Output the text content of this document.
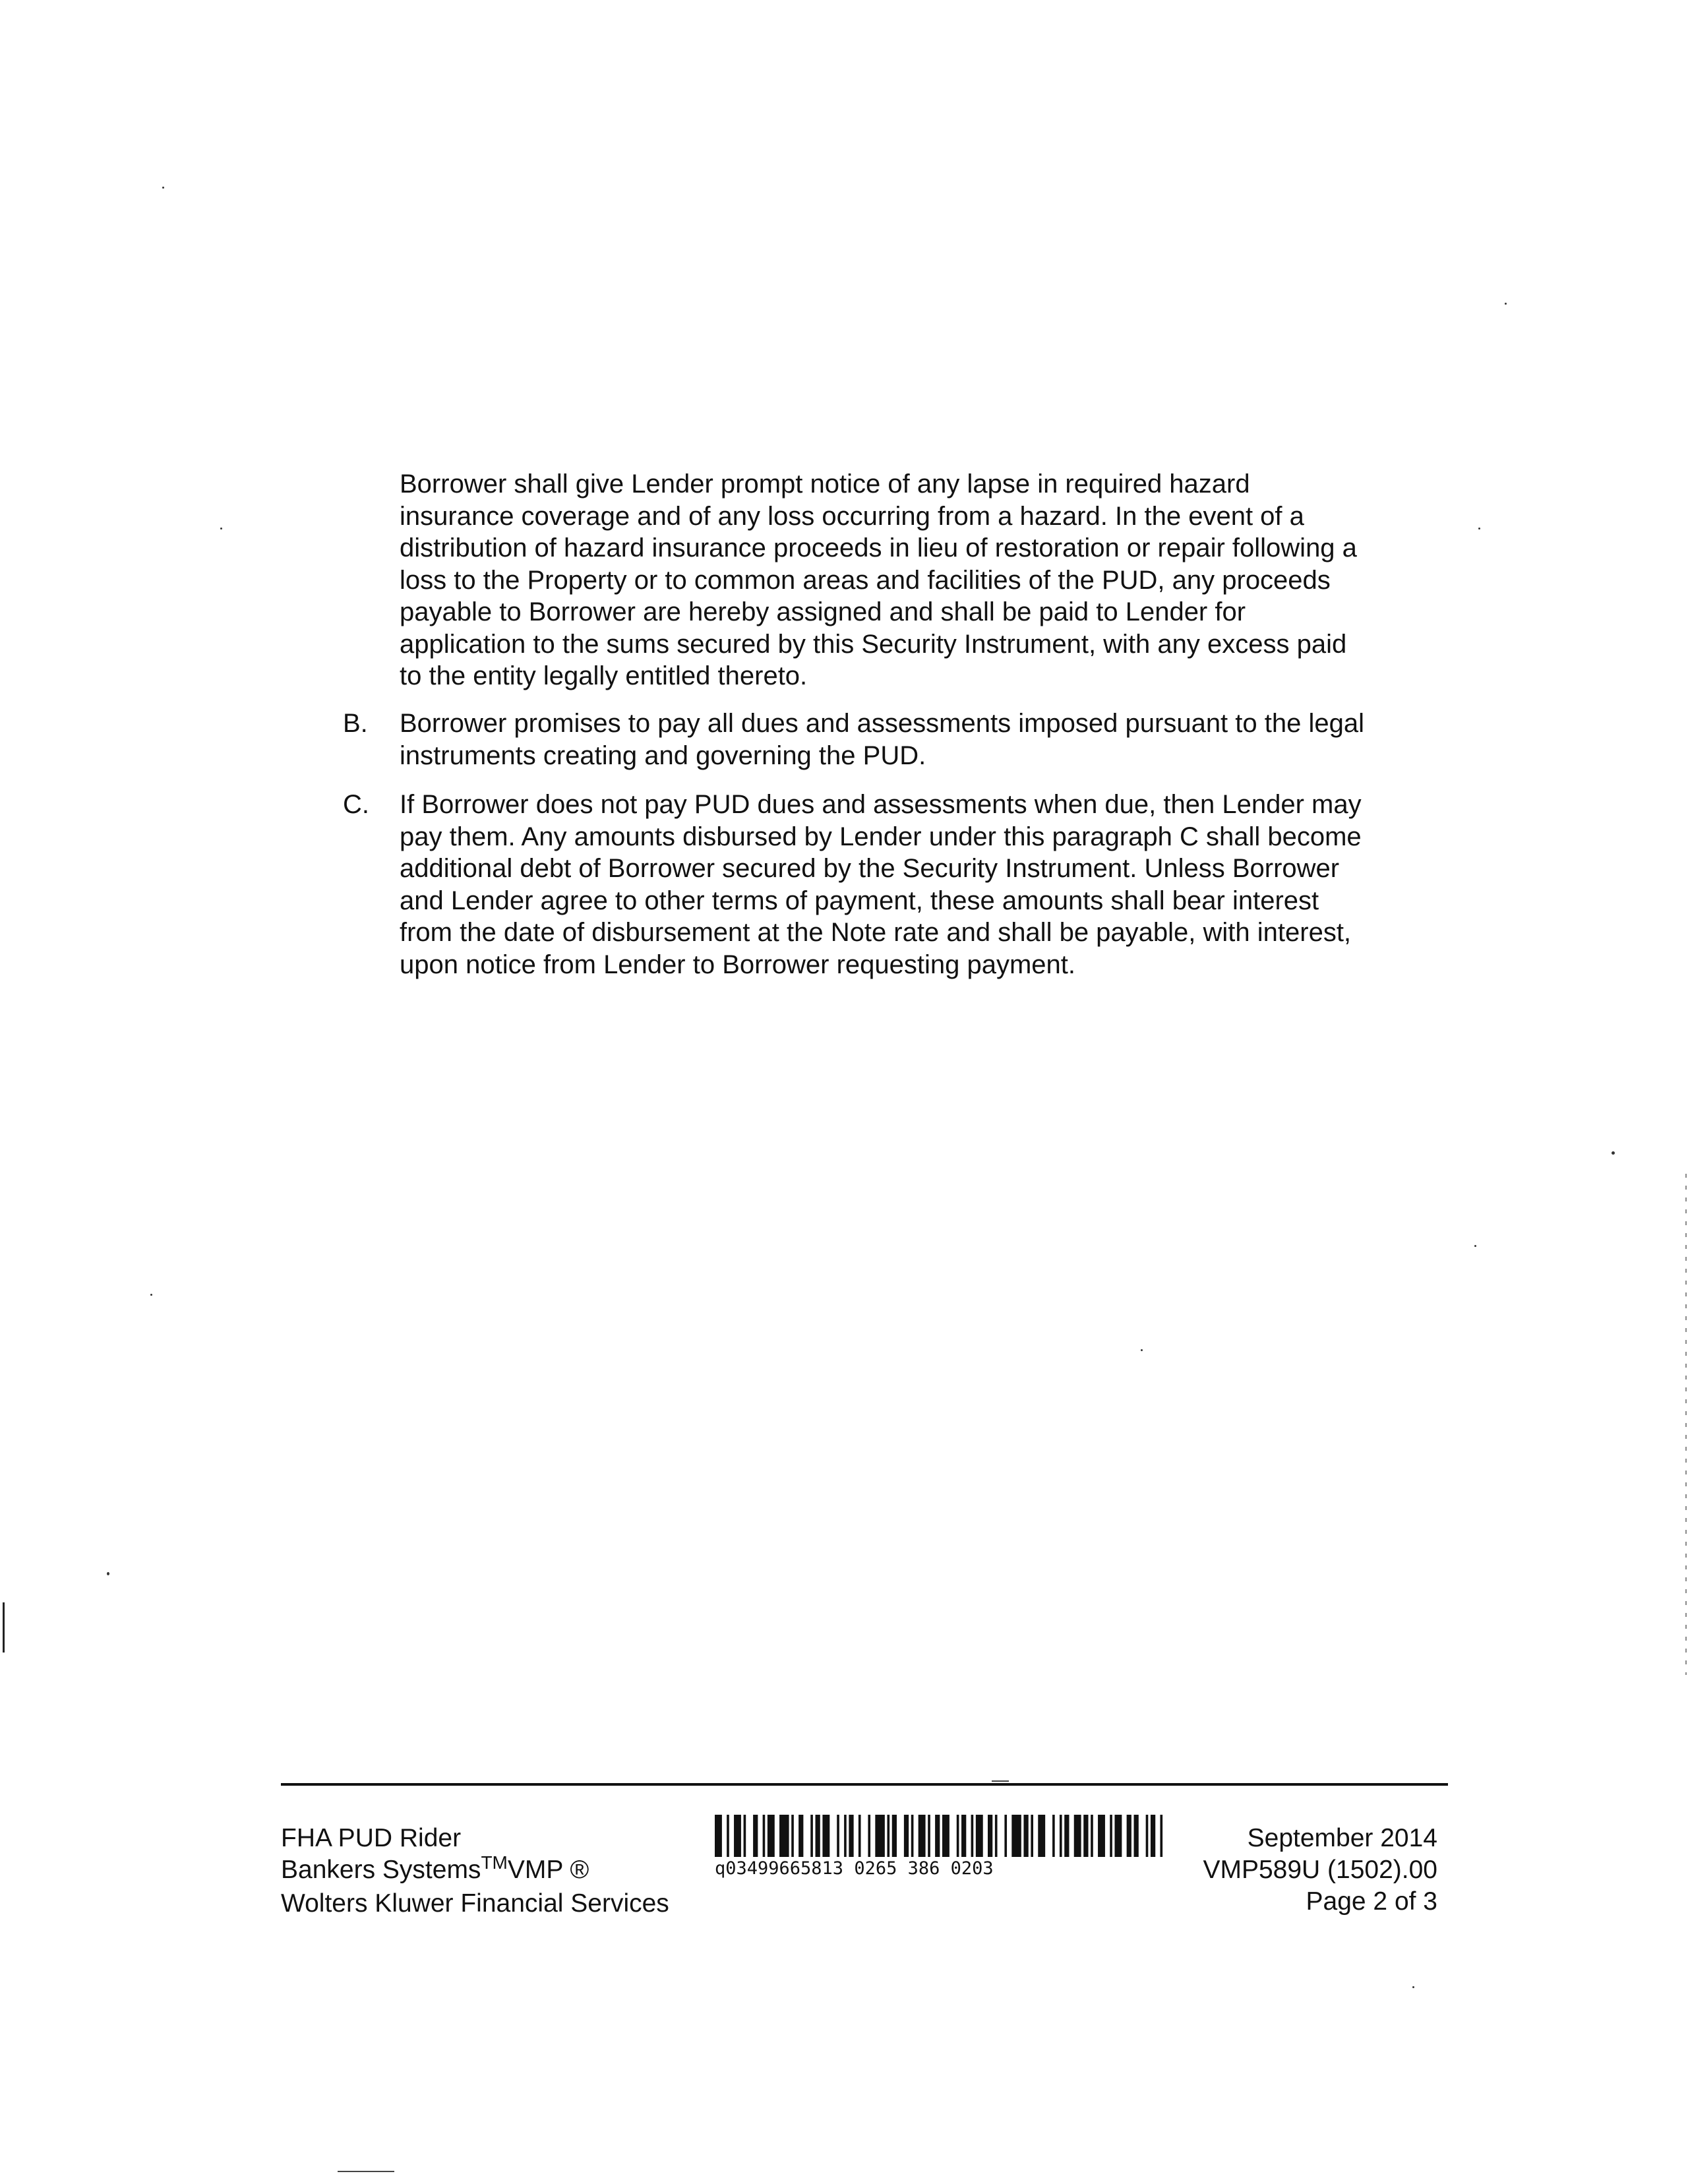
Borrower shall give Lender prompt notice of any lapse in required hazard insurance coverage and of any loss occurring from a hazard. In the event of a distribution of hazard insurance proceeds in lieu of restoration or repair following a loss to the Property or to common areas and facilities of the PUD, any proceeds payable to Borrower are hereby assigned and shall be paid to Lender for application to the sums secured by this Security Instrument, with any excess paid to the entity legally entitled thereto.

B. Borrower promises to pay all dues and assessments imposed pursuant to the legal instruments creating and governing the PUD.

C. If Borrower does not pay PUD dues and assessments when due, then Lender may pay them. Any amounts disbursed by Lender under this paragraph C shall become additional debt of Borrower secured by the Security Instrument. Unless Borrower and Lender agree to other terms of payment, these amounts shall bear interest from the date of disbursement at the Note rate and shall be payable, with interest, upon notice from Lender to Borrower requesting payment.

FHA PUD Rider
Bankers Systems™VMP ®
Wolters Kluwer Financial Services
q03499665813 0265 386 0203
September 2014
VMP589U (1502).00
Page 2 of 3
